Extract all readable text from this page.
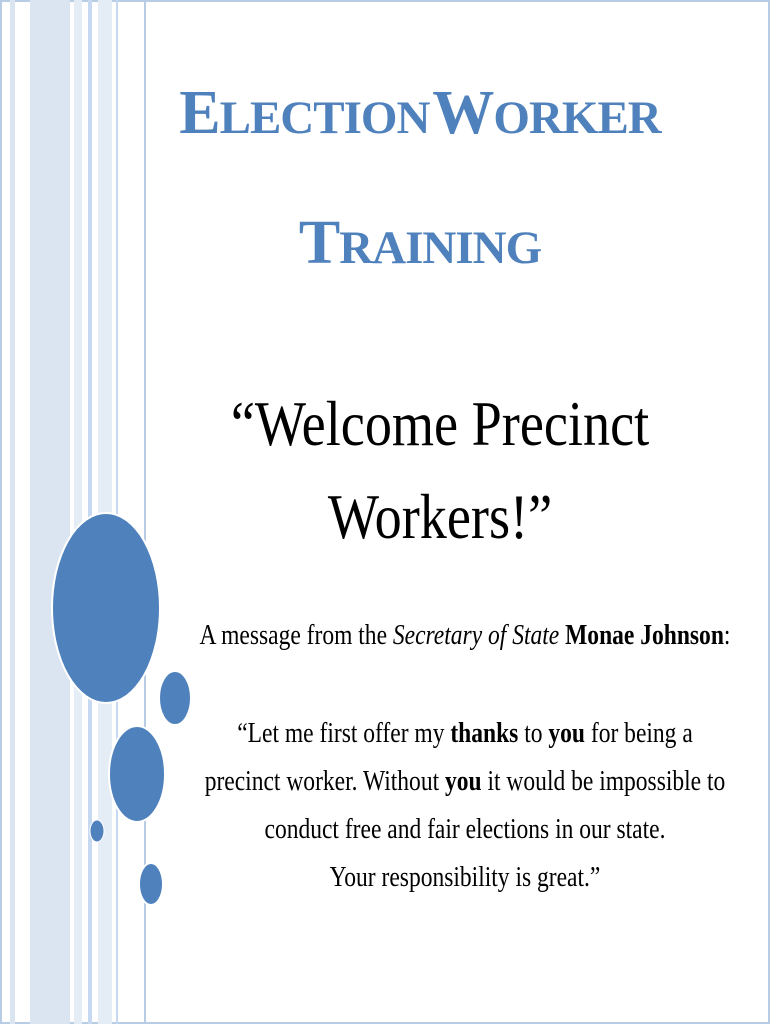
ELECTION WORKER
TRAINING
“Welcome Precinct
Workers!”
A message from the Secretary of State Monae Johnson:
“Let me first offer my thanks to you for being a
precinct worker. Without you it would be impossible to
conduct free and fair elections in our state.
Your responsibility is great.”
